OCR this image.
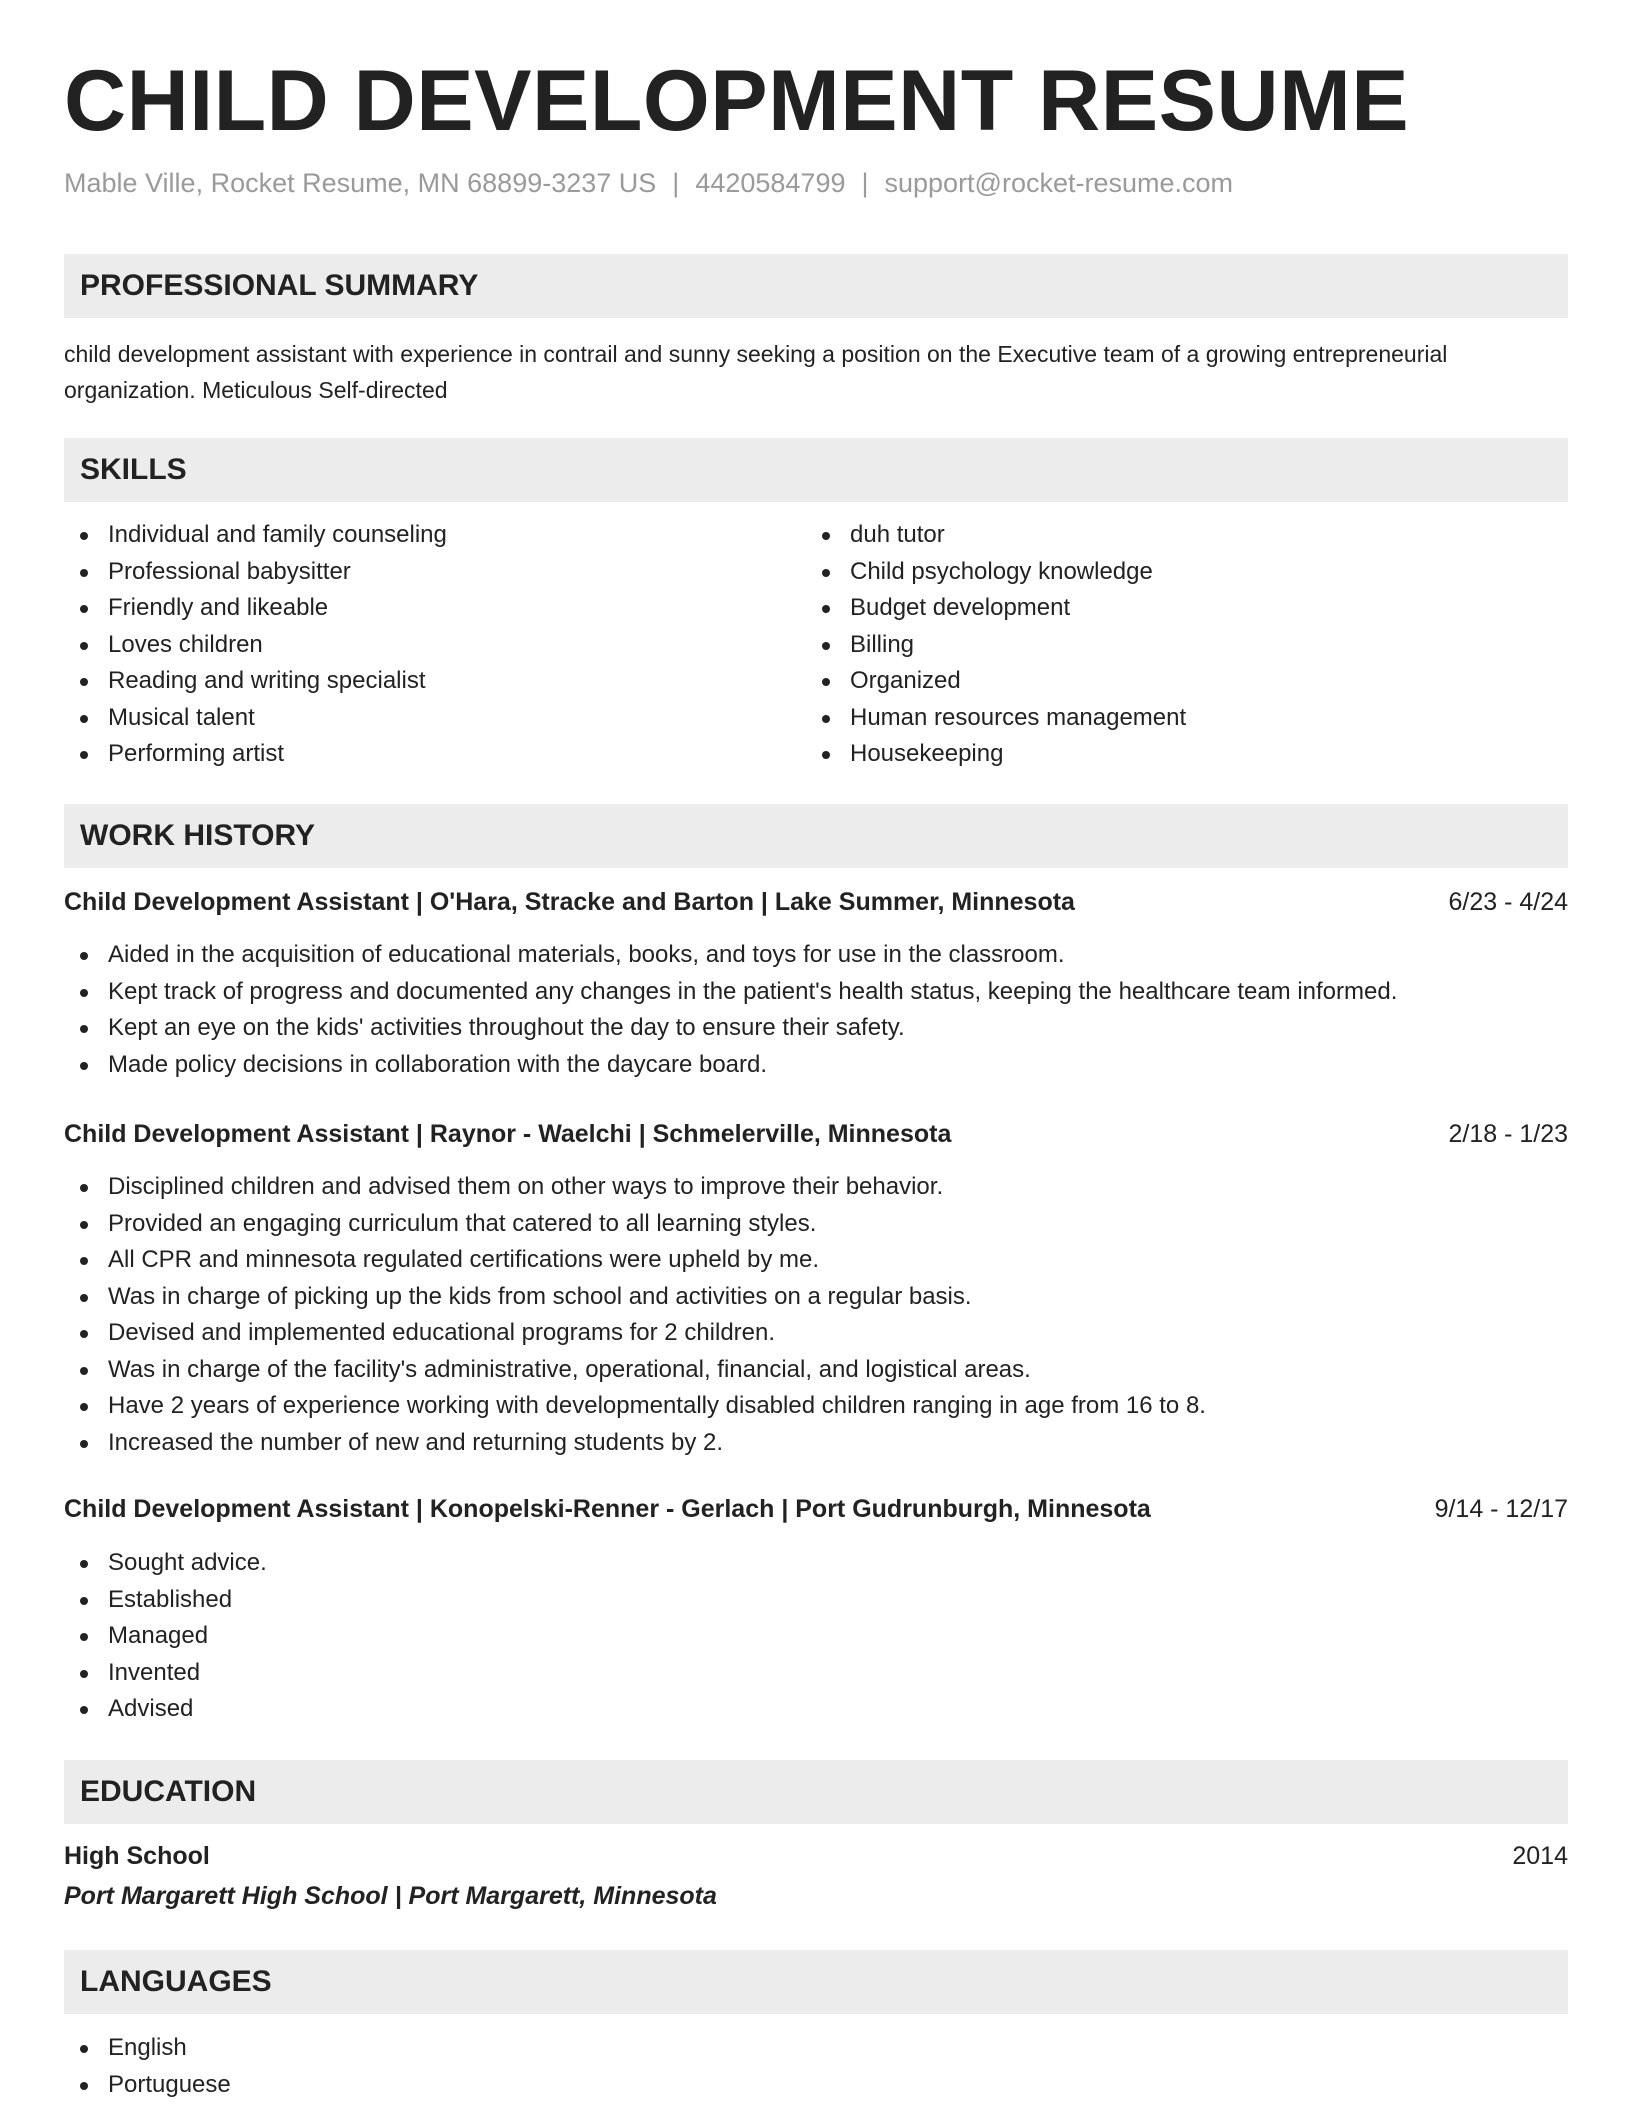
CHILD DEVELOPMENT RESUME
Mable Ville, Rocket Resume, MN 68899-3237 US | 4420584799 | support@rocket-resume.com
PROFESSIONAL SUMMARY
child development assistant with experience in contrail and sunny seeking a position on the Executive team of a growing entrepreneurial organization. Meticulous Self-directed
SKILLS
Individual and family counseling
Professional babysitter
Friendly and likeable
Loves children
Reading and writing specialist
Musical talent
Performing artist
duh tutor
Child psychology knowledge
Budget development
Billing
Organized
Human resources management
Housekeeping
WORK HISTORY
Child Development Assistant | O'Hara, Stracke and Barton | Lake Summer, Minnesota	6/23 - 4/24
Aided in the acquisition of educational materials, books, and toys for use in the classroom.
Kept track of progress and documented any changes in the patient's health status, keeping the healthcare team informed.
Kept an eye on the kids' activities throughout the day to ensure their safety.
Made policy decisions in collaboration with the daycare board.
Child Development Assistant | Raynor - Waelchi | Schmelerville, Minnesota	2/18 - 1/23
Disciplined children and advised them on other ways to improve their behavior.
Provided an engaging curriculum that catered to all learning styles.
All CPR and minnesota regulated certifications were upheld by me.
Was in charge of picking up the kids from school and activities on a regular basis.
Devised and implemented educational programs for 2 children.
Was in charge of the facility's administrative, operational, financial, and logistical areas.
Have 2 years of experience working with developmentally disabled children ranging in age from 16 to 8.
Increased the number of new and returning students by 2.
Child Development Assistant | Konopelski-Renner - Gerlach | Port Gudrunburgh, Minnesota	9/14 - 12/17
Sought advice.
Established
Managed
Invented
Advised
EDUCATION
High School	2014
Port Margarett High School | Port Margarett, Minnesota
LANGUAGES
English
Portuguese
